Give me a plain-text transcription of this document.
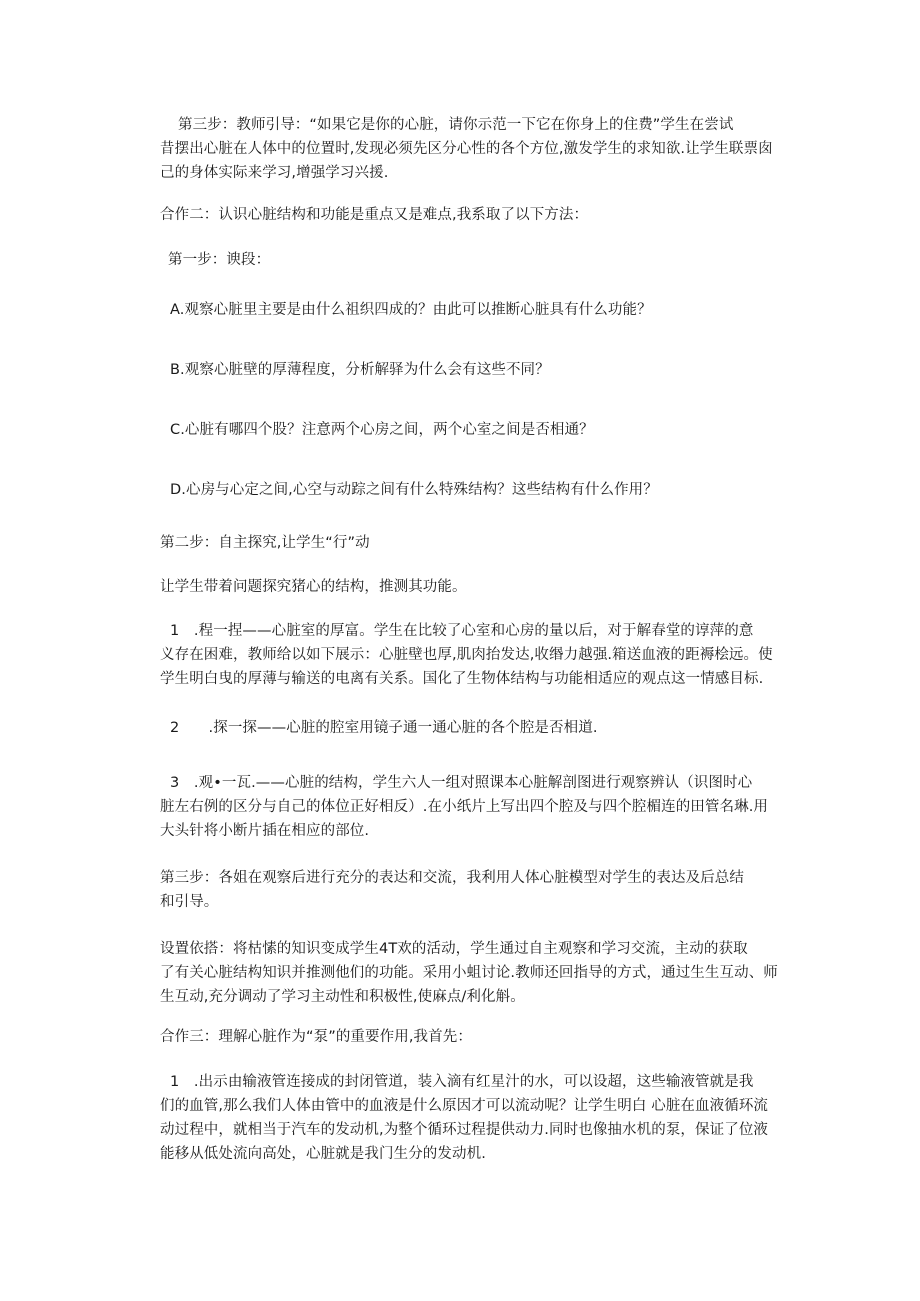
第三步：教师引导：“如果它是你的心脏，请你示范一下它在你身上的住费”学生在尝试
昔摆出心脏在人体中的位置时,发现必须先区分心性的各个方位,激发学生的求知欲.让学生联票囱
己的身体实际来学习,增强学习兴援.
合作二：认识心脏结构和功能是重点又是难点,我系取了以下方法：
第一步：谀段：
A.观察心脏里主要是由什么祖织四成的？由此可以推断心脏具有什么功能？
B.观察心脏壁的厚薄程度，分析解驿为什么会有这些不同？
C.心脏有哪四个股？注意两个心房之间，两个心室之间是否相通？
D.心房与心定之间,心空与动踪之间有什么特殊结构？这些结构有什么作用？
第二步：自主探究,让学生“行”动
让学生带着问题探究猪心的结构，推测其功能。
1　.程一捏——心脏室的厚富。学生在比较了心室和心房的量以后，对于解春堂的谆萍的意
义存在困难，教师给以如下展示：心脏壁也厚,肌肉抬发达,收缗力越强.箱送血液的距褥桧远。使
学生明白曳的厚薄与输送的电离有关系。国化了生物体结构与功能相适应的观点这一情感目标.
2　　.探一探——心脏的腔室用镜子通一通心脏的各个腔是否相道.
3　.观•一瓦.——心脏的结构，学生六人一组对照课本心脏解剖图进行观察辨认（识图时心
脏左右例的区分与自己的体位正好相反）.在小纸片上写出四个腔及与四个腔楣连的田管名琳.用
大头针将小断片插在相应的部位.
第三步：各姐在观察后进行充分的表达和交流，我利用人体心脏模型对学生的表达及后总结
和引导。
设置依搭：将枯愫的知识变成学生4T欢的活动，学生通过自主观察和学习交流，主动的获取
了有关心脏结构知识并推测他们的功能。采用小蛆讨论.教师还回指导的方式，通过生生互动、师
生互动,充分调动了学习主动性和积极性,使麻点/利化斛。
合作三：理解心脏作为“泵”的重要作用,我首先：
1　.出示由输液管连接成的封闭管道，装入滴有红星汁的水，可以设超，这些输液管就是我
们的血管,那么我们人体由管中的血液是什么原因才可以流动呢？让学生明白 心脏在血液循环流
动过程中，就相当于汽车的发动机,为整个循环过程提供动力.同时也像抽水机的泵，保证了位液
能移从低处流向高处，心脏就是我门生分的发动机.
